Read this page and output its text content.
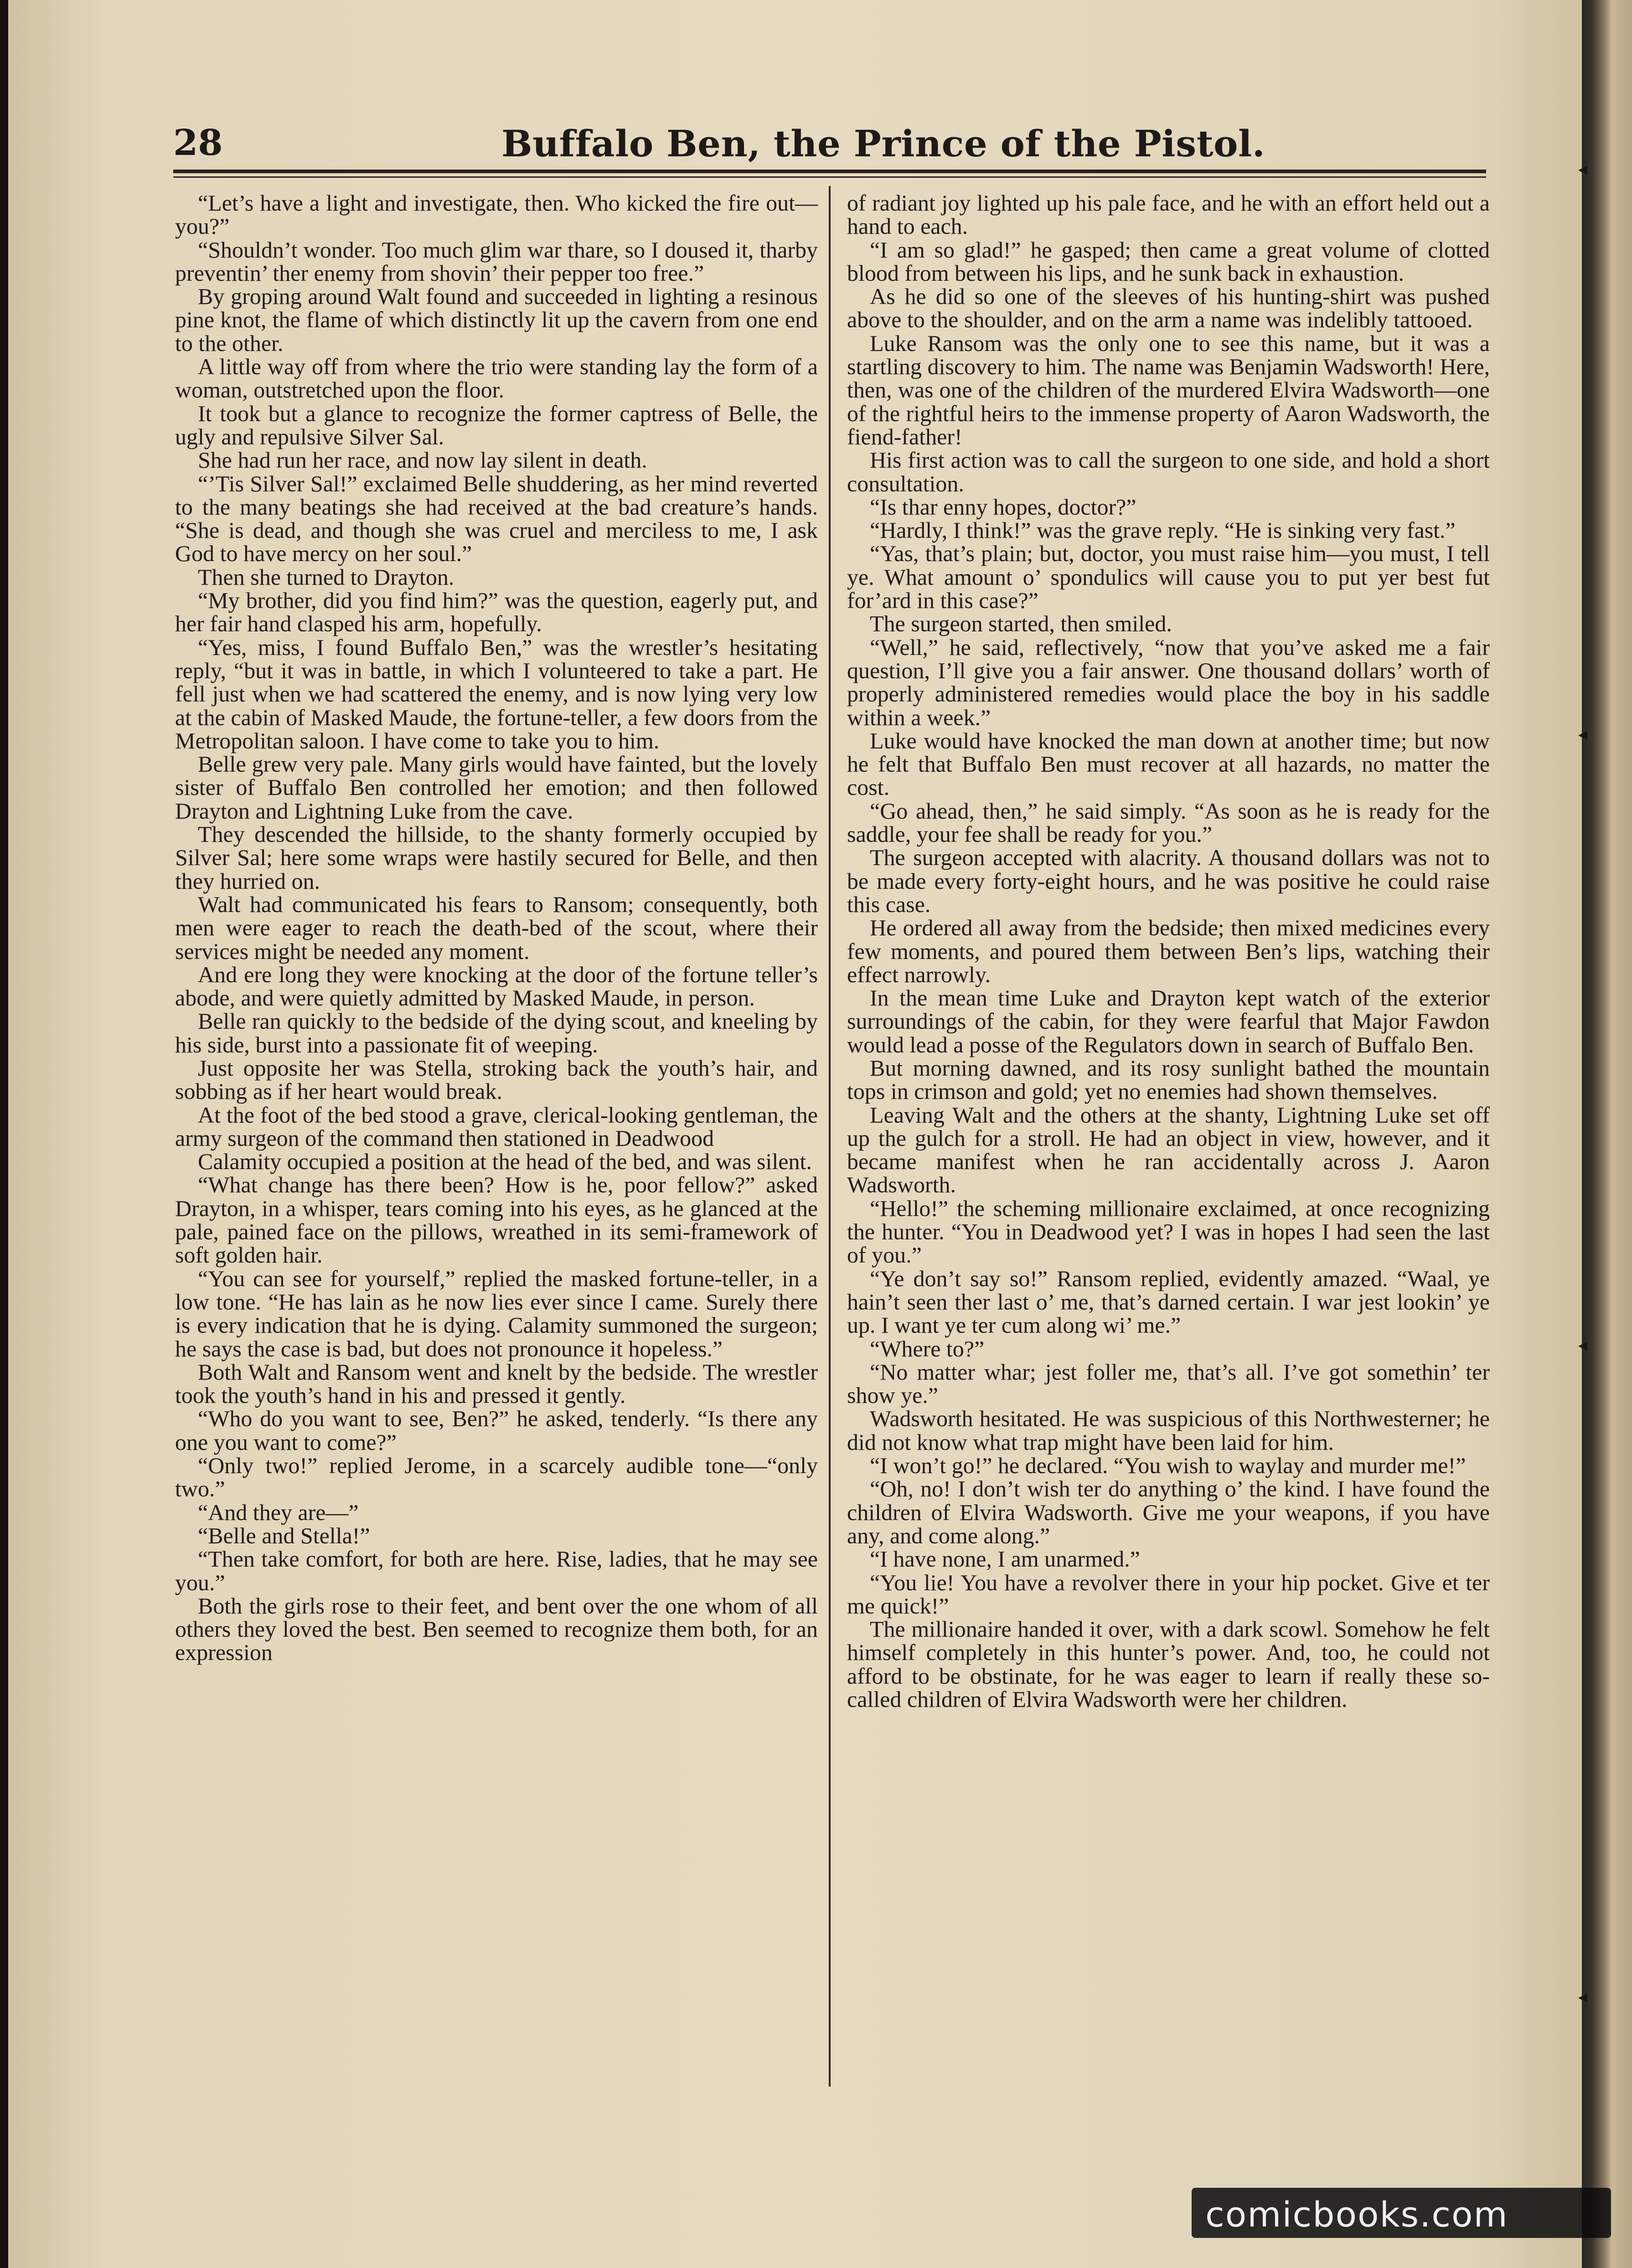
◂
◂
◂
◂
28	Buffalo Ben, the Prince of the Pistol.

“Let’s have a light and investigate, then. Who kicked the fire out—you?”

“Shouldn’t wonder. Too much glim war thare, so I doused it, tharby preventin’ ther enemy from shovin’ their pepper too free.”

By groping around Walt found and succeeded in lighting a resinous pine knot, the flame of which distinctly lit up the cavern from one end to the other.

A little way off from where the trio were standing lay the form of a woman, outstretched upon the floor.

It took but a glance to recognize the former captress of Belle, the ugly and repulsive Silver Sal.

She had run her race, and now lay silent in death.

“’Tis Silver Sal!” exclaimed Belle shuddering, as her mind reverted to the many beatings she had received at the bad creature’s hands. “She is dead, and though she was cruel and merciless to me, I ask God to have mercy on her soul.”

Then she turned to Drayton.

“My brother, did you find him?” was the question, eagerly put, and her fair hand clasped his arm, hopefully.

“Yes, miss, I found Buffalo Ben,” was the wrestler’s hesitating reply, “but it was in battle, in which I volunteered to take a part. He fell just when we had scattered the enemy, and is now lying very low at the cabin of Masked Maude, the fortune-teller, a few doors from the Metropolitan saloon. I have come to take you to him.

Belle grew very pale. Many girls would have fainted, but the lovely sister of Buffalo Ben controlled her emotion; and then followed Drayton and Lightning Luke from the cave.

They descended the hillside, to the shanty formerly occupied by Silver Sal; here some wraps were hastily secured for Belle, and then they hurried on.

Walt had communicated his fears to Ransom; consequently, both men were eager to reach the death-bed of the scout, where their services might be needed any moment.

And ere long they were knocking at the door of the fortune teller’s abode, and were quietly admitted by Masked Maude, in person.

Belle ran quickly to the bedside of the dying scout, and kneeling by his side, burst into a passionate fit of weeping.

Just opposite her was Stella, stroking back the youth’s hair, and sobbing as if her heart would break.

At the foot of the bed stood a grave, clerical-looking gentleman, the army surgeon of the command then stationed in Deadwood

Calamity occupied a position at the head of the bed, and was silent.

“What change has there been? How is he, poor fellow?” asked Drayton, in a whisper, tears coming into his eyes, as he glanced at the pale, pained face on the pillows, wreathed in its semi-framework of soft golden hair.

“You can see for yourself,” replied the masked fortune-teller, in a low tone. “He has lain as he now lies ever since I came. Surely there is every indication that he is dying. Calamity summoned the surgeon; he says the case is bad, but does not pronounce it hopeless.”

Both Walt and Ransom went and knelt by the bedside. The wrestler took the youth’s hand in his and pressed it gently.

“Who do you want to see, Ben?” he asked, tenderly. “Is there any one you want to come?”

“Only two!” replied Jerome, in a scarcely audible tone—“only two.”

“And they are—”

“Belle and Stella!”

“Then take comfort, for both are here. Rise, ladies, that he may see you.”

Both the girls rose to their feet, and bent over the one whom of all others they loved the best. Ben seemed to recognize them both, for an expression

of radiant joy lighted up his pale face, and he with an effort held out a hand to each.

“I am so glad!” he gasped; then came a great volume of clotted blood from between his lips, and he sunk back in exhaustion.

As he did so one of the sleeves of his hunting-shirt was pushed above to the shoulder, and on the arm a name was indelibly tattooed.

Luke Ransom was the only one to see this name, but it was a startling discovery to him. The name was Benjamin Wadsworth! Here, then, was one of the children of the murdered Elvira Wadsworth—one of the rightful heirs to the immense property of Aaron Wadsworth, the fiend-father!

His first action was to call the surgeon to one side, and hold a short consultation.

“Is thar enny hopes, doctor?”

“Hardly, I think!” was the grave reply. “He is sinking very fast.”

“Yas, that’s plain; but, doctor, you must raise him—you must, I tell ye. What amount o’ spondulics will cause you to put yer best fut for’ard in this case?”

The surgeon started, then smiled.

“Well,” he said, reflectively, “now that you’ve asked me a fair question, I’ll give you a fair answer. One thousand dollars’ worth of properly administered remedies would place the boy in his saddle within a week.”

Luke would have knocked the man down at another time; but now he felt that Buffalo Ben must recover at all hazards, no matter the cost.

“Go ahead, then,” he said simply. “As soon as he is ready for the saddle, your fee shall be ready for you.”

The surgeon accepted with alacrity. A thousand dollars was not to be made every forty-eight hours, and he was positive he could raise this case.

He ordered all away from the bedside; then mixed medicines every few moments, and poured them between Ben’s lips, watching their effect narrowly.

In the mean time Luke and Drayton kept watch of the exterior surroundings of the cabin, for they were fearful that Major Fawdon would lead a posse of the Regulators down in search of Buffalo Ben.

But morning dawned, and its rosy sunlight bathed the mountain tops in crimson and gold; yet no enemies had shown themselves.

Leaving Walt and the others at the shanty, Lightning Luke set off up the gulch for a stroll. He had an object in view, however, and it became manifest when he ran accidentally across J. Aaron Wadsworth.

“Hello!” the scheming millionaire exclaimed, at once recognizing the hunter. “You in Deadwood yet? I was in hopes I had seen the last of you.”

“Ye don’t say so!” Ransom replied, evidently amazed. “Waal, ye hain’t seen ther last o’ me, that’s darned certain. I war jest lookin’ ye up. I want ye ter cum along wi’ me.”

“Where to?”

“No matter whar; jest foller me, that’s all. I’ve got somethin’ ter show ye.”

Wadsworth hesitated. He was suspicious of this Northwesterner; he did not know what trap might have been laid for him.

“I won’t go!” he declared. “You wish to waylay and murder me!”

“Oh, no! I don’t wish ter do anything o’ the kind. I have found the children of Elvira Wadsworth. Give me your weapons, if you have any, and come along.”

“I have none, I am unarmed.”

“You lie! You have a revolver there in your hip pocket. Give et ter me quick!”

The millionaire handed it over, with a dark scowl. Somehow he felt himself completely in this hunter’s power. And, too, he could not afford to be obstinate, for he was eager to learn if really these so-called children of Elvira Wadsworth were her children.

comicbooks.com
